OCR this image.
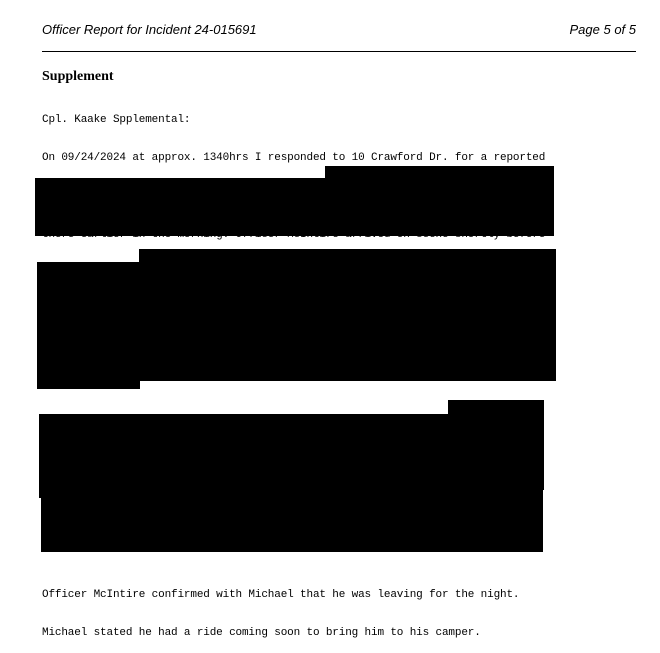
Officer Report for Incident 24-015691	Page 5 of 5
Supplement

Cpl. Kaake Spplemental:

On 09/24/2024 at approx. 1340hrs I responded to 10 Crawford Dr. for a reported

Officer McIntire confirmed with Michael that he was leaving for the night.

Michael stated he had a ride coming soon to bring him to his camper.
